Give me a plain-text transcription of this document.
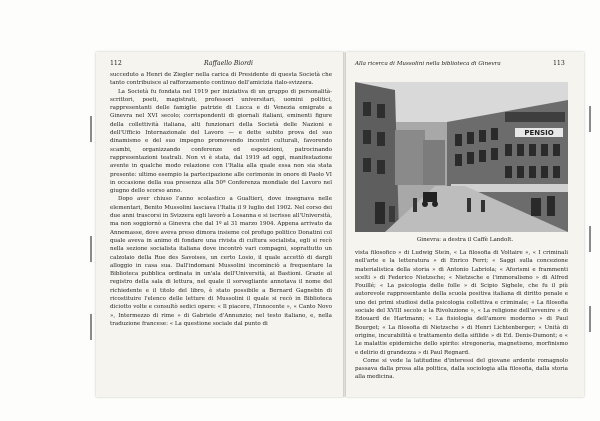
112	Raffaello Biordi

succeduto a Henri de Ziegler nella carica di Presidente di questa Società che tanto contribuisce al rafforzamento continuo dell'amicizia italo-svizzera.

La Società fu fondata nel 1919 per iniziativa di un gruppo di personalità-scrittori, poeti, magistrati, professori universitari, uomini politici, rappresentanti delle famiglie patrizie di Lucca e di Venezia emigrate a Ginevra nel XVI secolo; corrispondenti di giornali italiani, eminenti figure della collettività italiana, alti funzionari della Società delle Nazioni e dell'Ufficio Internazionale del Lavoro — e dette subito prova del suo dinamismo e del suo impegno promovendo incontri culturali, favorendo scambi, organizzando conferenze ed esposizioni, patrocinando rappresentazioni teatrali. Non vi è stata, dal 1919 ad oggi, manifestazione avente in qualche modo relazione con l'Italia alla quale essa non sia stata presente: ultimo esempio la partecipazione alle cerimonie in onore di Paolo VI in occasione della sua presenza alla 50ª Conferenza mondiale del Lavoro nel giugno dello scorso anno.

Dopo aver chiuso l'anno scolastico a Gualtieri, dove insegnava nelle elementari, Benito Mussolini lasciava l'Italia il 9 luglio del 1902. Nel corso dei due anni trascorsi in Svizzera egli lavorò a Losanna e si iscrisse all'Università, ma non soggiornò a Ginevra che dal 1º al 31 marzo 1904. Appena arrivato da Annemasse, dove aveva preso dimora insieme col profugo politico Donatini col quale aveva in animo di fondare una rivista di cultura socialista, egli si recò nella sezione socialista italiana dove incontrò vari compagni, soprattutto un calzolaio della Rue des Savoises, un certo Losio, il quale accettò di dargli alloggio in casa sua. Dall'indomani Mussolini incominciò a frequentare la Biblioteca pubblica ordinata in un'ala dell'Università, ai Bastioni. Grazie al registro della sala di lettura, nel quale il sorvegliante annotava il nome del richiedente e il titolo del libro, è stato possibile a Bernard Gagnebin di ricostituire l'elenco delle letture di Mussolini il quale si recò in Biblioteca diciotto volte e consultò sedici opere: « Il piacere, l'Innocente », « Canto Novo », Intermezzo di rime » di Gabriele d'Annunzio; nel testo italiano, e, nella traduzione francese: « La questione sociale dal punto di

Alla ricerca di Mussolini nella biblioteca di Ginevra	113
PENSIO
Ginevra: a destra il Caffè Landolt.

vista filosofico » di Ludwig Stein, « La filosofia di Voltaire », « I criminali nell'arte e la letteratura » di Enrico Ferri; « Saggi sulla concezione materialistica della storia » di Antonio Labriola; « Aforismi e frammenti scelti » di Federico Nietzsche; « Nietzsche e l'immoralismo » di Alfred Fouillé; « La psicologia delle folle » di Scipio Sighele, che fu il più autorevole rappresentante della scuola positiva italiana di diritto penale e uno dei primi studiosi della psicologia collettiva e criminale; « La filosofia sociale del XVIII secolo e la Rivoluzione », « La religione dell'avvenire » di Edouard de Hartmann; « La fisiologia dell'amore moderno » di Paul Bourget; « La filosofia di Nietzsche » di Henri Lichtenberger; « Unità di origine, incurabilità e trattamento della sifilide » di Ed. Denis-Dumont; e « Le malattie epidemiche dello spirito: stregoneria, magnetismo, morfinismo e delirio di grandezza » di Paul Regnard.

Come si vede la latitudine d'interessi del giovane ardente romagnolo passava dalla prosa alla politica, dalla sociologia alla filosofia, dalla storia alla medicina.
